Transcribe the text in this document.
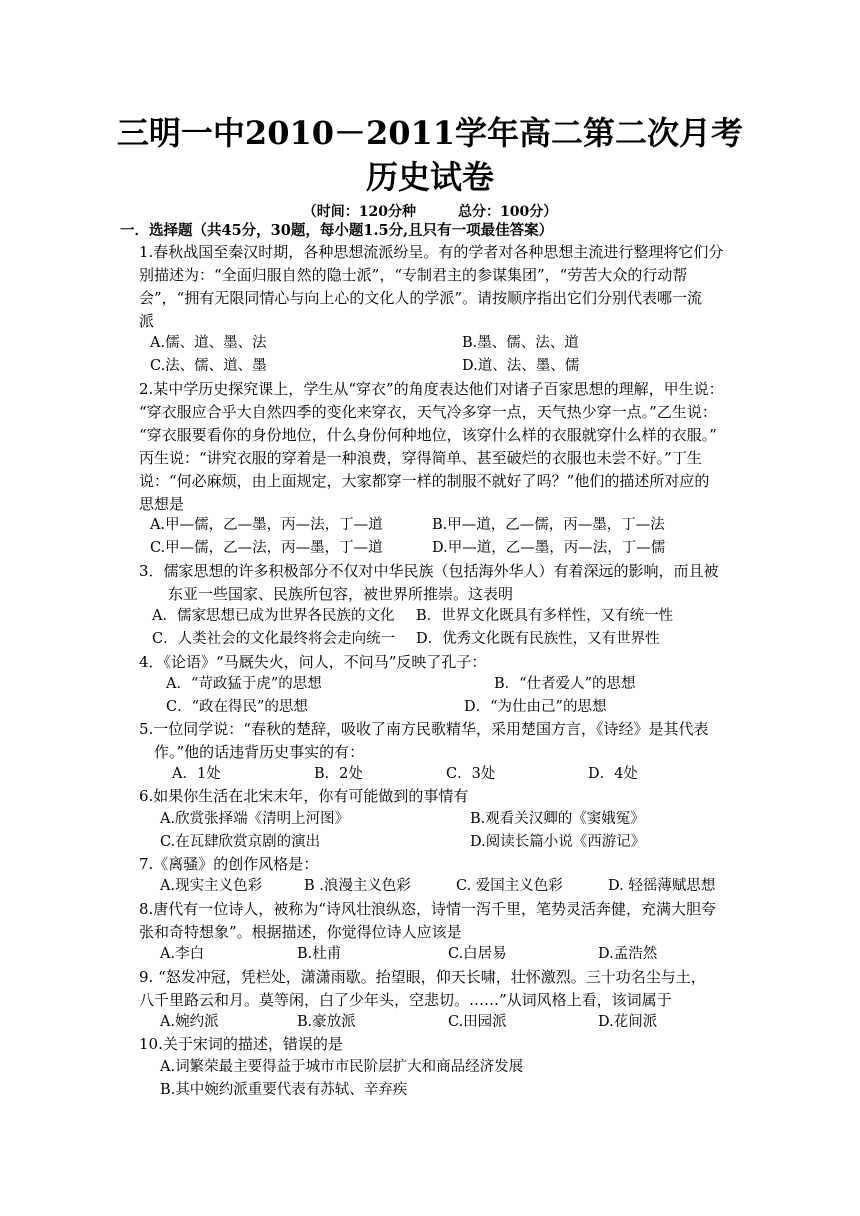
三明一中2010－2011学年高二第二次月考
历史试卷
（时间：120分种　　　总分：100分）
一．选择题（共45分，30题，每小题1.5分,且只有一项最佳答案）
1.春秋战国至秦汉时期，各种思想流派纷呈。有的学者对各种思想主流进行整理将它们分
别描述为：“全面归服自然的隐士派”，“专制君主的参谋集团”，“劳苦大众的行动帮
会”，“拥有无限同情心与向上心的文化人的学派”。请按顺序指出它们分别代表哪一流
派
A.儒、道、墨、法	B.墨、儒、法、道
C.法、儒、道、墨	D.道、法、墨、儒
2.某中学历史探究课上，学生从“穿衣”的角度表达他们对诸子百家思想的理解，甲生说：
“穿衣服应合乎大自然四季的变化来穿衣，天气冷多穿一点，天气热少穿一点。”乙生说：
“穿衣服要看你的身份地位，什么身份何种地位，该穿什么样的衣服就穿什么样的衣服。”
丙生说：“讲究衣服的穿着是一种浪费，穿得简单、甚至破烂的衣服也未尝不好。”丁生
说：“何必麻烦，由上面规定，大家都穿一样的制服不就好了吗？”他们的描述所对应的
思想是
A.甲—儒，乙—墨，丙—法，丁—道	B.甲—道，乙—儒，丙—墨，丁—法
C.甲—儒，乙—法，丙—墨，丁—道	D.甲—道，乙—墨，丙—法，丁—儒
3．儒家思想的许多积极部分不仅对中华民族（包括海外华人）有着深远的影响，而且被
东亚一些国家、民族所包容，被世界所推崇。这表明
A．儒家思想已成为世界各民族的文化 B．世界文化既具有多样性，又有统一性
C．人类社会的文化最终将会走向统一 D．优秀文化既有民族性，又有世界性
4．《论语》“马厩失火，问人，不问马”反映了孔子：
A．“苛政猛于虎”的思想	B．“仕者爱人”的思想
C．“政在得民”的思想	D．“为仕由己”的思想
5.一位同学说：“春秋的楚辞，吸收了南方民歌精华，采用楚国方言，《诗经》是其代表
作。”他的话违背历史事实的有：
A．1处	B．2处	C．3处	D．4处
6.如果你生活在北宋末年，你有可能做到的事情有
A.欣赏张择端《清明上河图》	B.观看关汉卿的《窦娥冤》
C.在瓦肆欣赏京剧的演出	D.阅读长篇小说《西游记》
7.《离骚》的创作风格是：
A.现实主义色彩	B .浪漫主义色彩	C. 爱国主义色彩	D. 轻徭薄赋思想
8.唐代有一位诗人，被称为“诗风壮浪纵恣，诗情一泻千里，笔势灵活奔健，充满大胆夸
张和奇特想象”。根据描述，你觉得位诗人应该是
A.李白	B.杜甫	C.白居易	D.孟浩然
9. “怒发冲冠，凭栏处，潇潇雨歇。抬望眼，仰天长啸，壮怀激烈。三十功名尘与土，
八千里路云和月。莫等闲，白了少年头，空悲切。……”从词风格上看，该词属于
A.婉约派	B.豪放派	C.田园派	D.花间派
10.关于宋词的描述，错误的是
A.词繁荣最主要得益于城市市民阶层扩大和商品经济发展
B.其中婉约派重要代表有苏轼、辛弃疾
